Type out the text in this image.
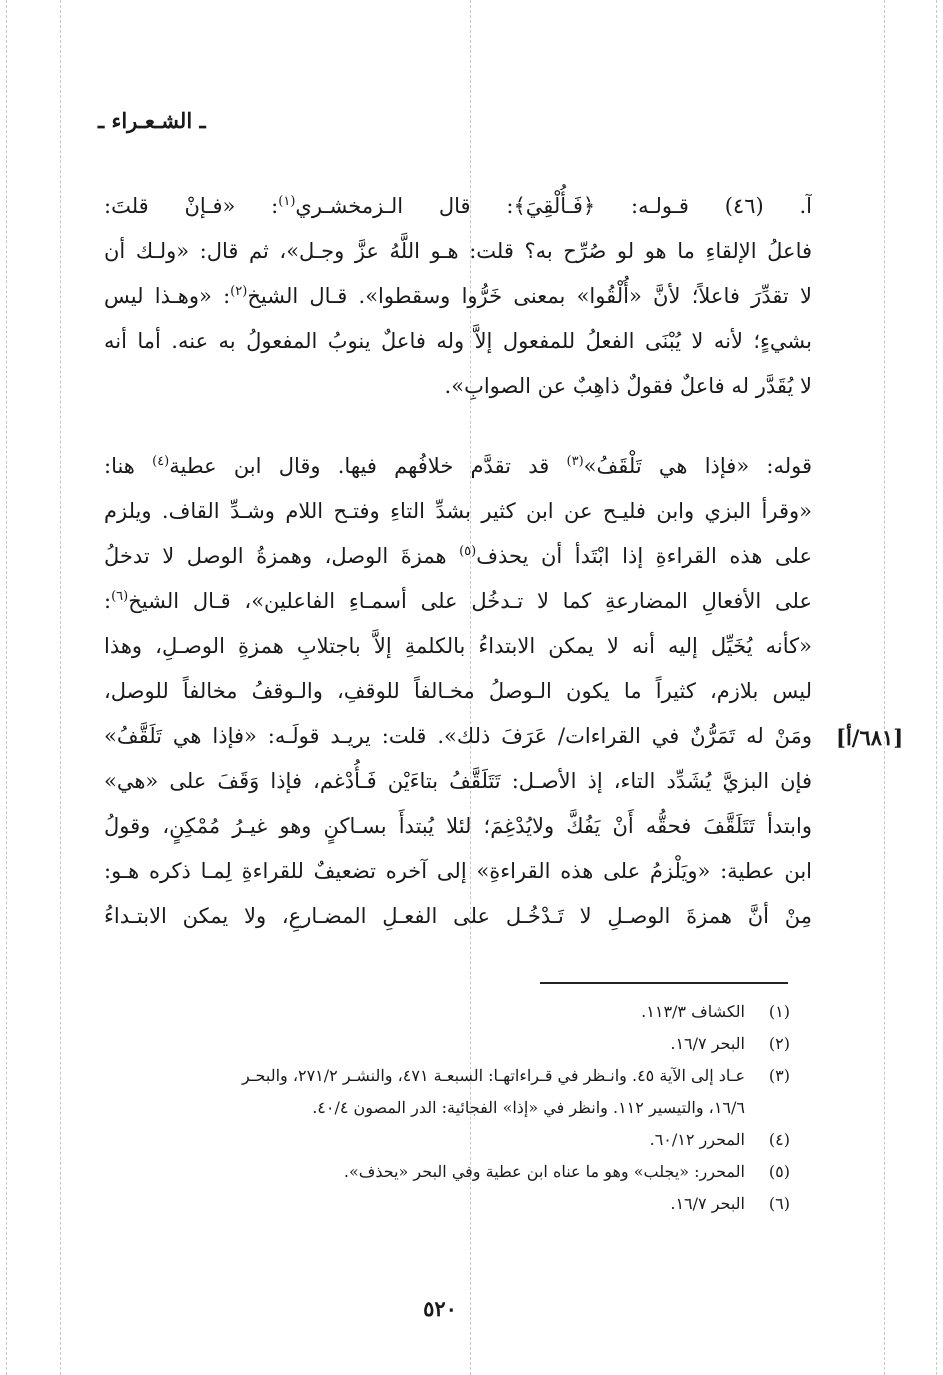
ـ الشـعـراء ـ
آ. (٤٦) قـولـه: ﴿فَـأُلْقِيَ﴾: قال الـزمخشـري$^{(١)}$: «فـإنْ قلتَ:
فاعلُ الإلقاءِ ما هو لو صُرِّح به؟ قلت: هـو اللَّهُ عزَّ وجـل»، ثم قال: «ولـك أن
لا تقدِّرَ فاعلاً؛ لأنَّ «أُلْقُوا» بمعنى خَرُّوا وسقطوا». قـال الشيخ$^{(٢)}$: «وهـذا ليس
بشيءٍ؛ لأنه لا يُبْنَى الفعلُ للمفعول إلاَّ وله فاعلٌ ينوبُ المفعولُ به عنه. أما أنه
لا يُقَدَّر له فاعلٌ فقولٌ ذاهِبٌ عن الصوابِ».
قوله: «فإذا هي تَلْقَفُ»$^{(٣)}$ قد تقدَّم خلافُهم فيها. وقال ابن عطية$^{(٤)}$ هنا:
«وقرأ البزي وابن فليـح عن ابن كثير بشدِّ التاءِ وفتـح اللام وشـدِّ القاف. ويلزم
على هذه القراءةِ إذا ابْتَدأ أن يحذف$^{(٥)}$ همزةَ الوصل، وهمزةُ الوصل لا تدخلُ
على الأفعالِ المضارعةِ كما لا تـدخُل على أسمـاءِ الفاعلين»، قـال الشيخ$^{(٦)}$:
«كأنه يُخَيِّل إليه أنه لا يمكن الابتداءُ بالكلمةِ إلاَّ باجتلابِ همزةِ الوصـلِ، وهذا
ليس بلازم، كثيراً ما يكون الـوصلُ مخـالفاً للوقفِ، والـوقفُ مخالفاً للوصل،
ومَنْ له تَمَرُّنٌ في القراءات/ عَرَفَ ذلك». قلت: يريـد قولَـه: «فإذا هي تَلَقَّفُ»
فإن البزيَّ يُشَدِّد التاء، إذ الأصـل: تَتَلَقَّفُ بتاءَيْن فَـأُدْغم، فإذا وَقَفَ على «هي»
وابتدأ تَتَلَقَّفَ فحقُّه أَنْ يَفُكَّ ولايُدْغِمَ؛ لئلا يُبتدأَ بسـاكنٍ وهو غيـرُ مُمْكِنٍ، وقولُ
ابن عطية: «ويَلْزمُ على هذه القراءةِ» إلى آخره تضعيفٌ للقراءةِ لِمـا ذكره هـو:
مِنْ أنَّ همزةَ الوصـلِ لا تَـدْخُـل على الفعـلِ المضـارعِ، ولا يمكن الابتـداءُ
[٦٨١/أ]
(١)
الكشاف ١١٣/٣.
(٢)
البحر ١٦/٧.
(٣)
عـاد إلى الآية ٤٥. وانـظر في قـراءاتهـا: السبعـة ٤٧١، والنشـر ٢٧١/٢، والبحـر
١٦/٦، والتيسير ١١٢. وانظر في «إذا» الفجائية: الدر المصون ٤٠/٤.
(٤)
المحرر ٦٠/١٢.
(٥)
المحرر: «يجلب» وهو ما عناه ابن عطية وفي البحر «يحذف».
(٦)
البحر ١٦/٧.
٥٢٠
